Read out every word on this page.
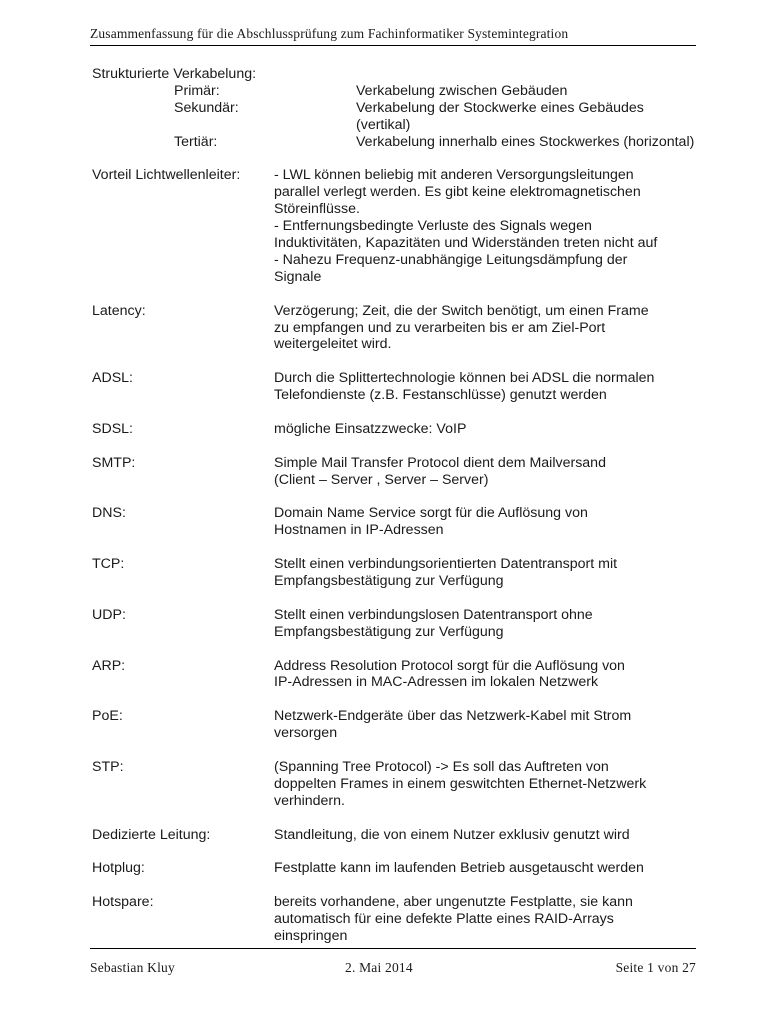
Zusammenfassung für die Abschlussprüfung zum Fachinformatiker Systemintegration
Strukturierte Verkabelung:
Primär:	Verkabelung zwischen Gebäuden
Sekundär:	Verkabelung der Stockwerke eines Gebäudes (vertikal)
Tertiär:	Verkabelung innerhalb eines Stockwerkes (horizontal)
Vorteil Lichtwellenleiter:	- LWL können beliebig mit anderen Versorgungsleitungen
parallel verlegt werden. Es gibt keine elektromagnetischen
Störeinflüsse.
- Entfernungsbedingte Verluste des Signals wegen
Induktivitäten, Kapazitäten und Widerständen treten nicht auf
- Nahezu Frequenz-unabhängige Leitungsdämpfung der
Signale
Latency:	Verzögerung; Zeit, die der Switch benötigt, um einen Frame
zu empfangen und zu verarbeiten bis er am Ziel-Port
weitergeleitet wird.
ADSL:	Durch die Splittertechnologie können bei ADSL die normalen
Telefondienste (z.B. Festanschlüsse) genutzt werden
SDSL:	mögliche Einsatzzwecke: VoIP
SMTP:	Simple Mail Transfer Protocol dient dem Mailversand
(Client – Server , Server – Server)
DNS:	Domain Name Service sorgt für die Auflösung von
Hostnamen in IP-Adressen
TCP:	Stellt einen verbindungsorientierten Datentransport mit
Empfangsbestätigung zur Verfügung
UDP:	Stellt einen verbindungslosen Datentransport ohne
Empfangsbestätigung zur Verfügung
ARP:	Address Resolution Protocol sorgt für die Auflösung von
IP-Adressen in MAC-Adressen im lokalen Netzwerk
PoE:	Netzwerk-Endgeräte über das Netzwerk-Kabel mit Strom
versorgen
STP:	(Spanning Tree Protocol) -> Es soll das Auftreten von
doppelten Frames in einem geswitchten Ethernet-Netzwerk
verhindern.
Dedizierte Leitung:	Standleitung, die von einem Nutzer exklusiv genutzt wird
Hotplug:	Festplatte kann im laufenden Betrieb ausgetauscht werden
Hotspare:	bereits vorhandene, aber ungenutzte Festplatte, sie kann
automatisch für eine defekte Platte eines RAID-Arrays
einspringen
Sebastian Kluy	2. Mai 2014	Seite 1 von 27
